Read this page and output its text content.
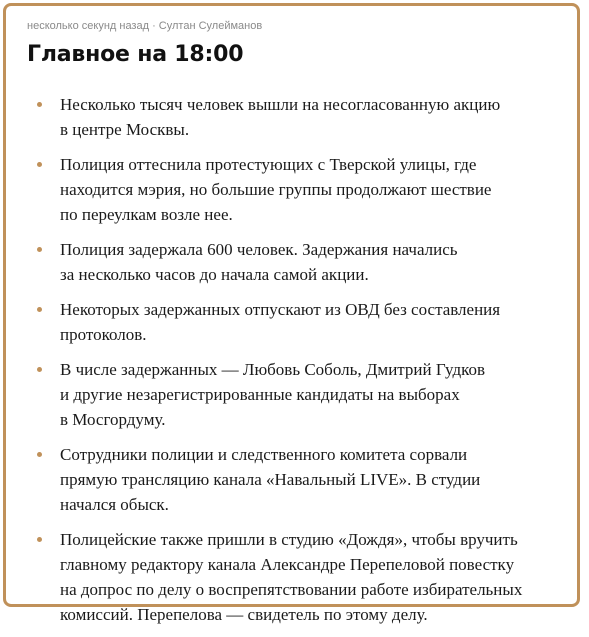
несколько секунд назад · Султан Сулейманов
Главное на 18:00
Несколько тысяч человек вышли на несогласованную акцию
в центре Москвы.
Полиция оттеснила протестующих с Тверской улицы, где
находится мэрия, но большие группы продолжают шествие
по переулкам возле нее.
Полиция задержала 600 человек. Задержания начались
за несколько часов до начала самой акции.
Некоторых задержанных отпускают из ОВД без составления
протоколов.
В числе задержанных — Любовь Соболь, Дмитрий Гудков
и другие незарегистрированные кандидаты на выборах
в Мосгордуму.
Сотрудники полиции и следственного комитета сорвали
прямую трансляцию канала «Навальный LIVE». В студии
начался обыск.
Полицейские также пришли в студию «Дождя», чтобы вручить
главному редактору канала Александре Перепеловой повестку
на допрос по делу о воспрепятствовании работе избирательных
комиссий. Перепелова — свидетель по этому делу.
